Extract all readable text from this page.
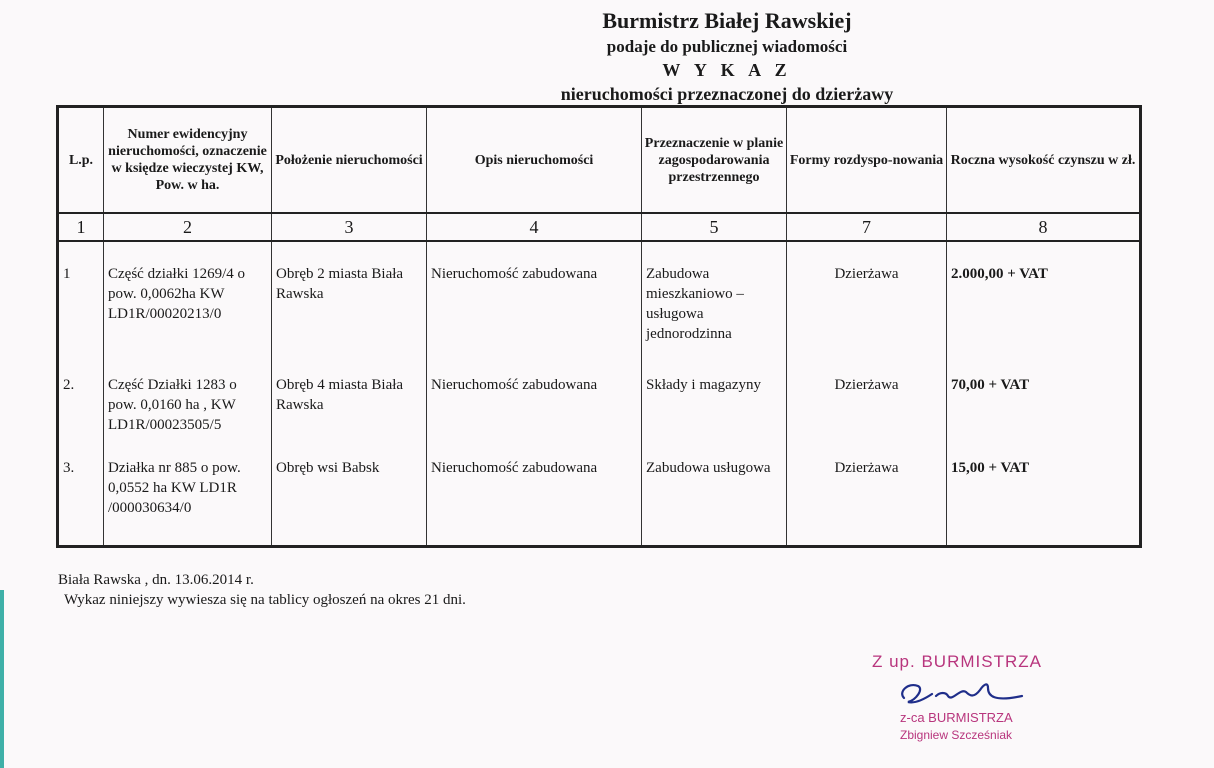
Burmistrz Białej Rawskiej
podaje do publicznej wiadomości
W Y K A Z
nieruchomości przeznaczonej do dzierżawy
L.p.	Numer ewidencyjny nieruchomości, oznaczenie w księdze wieczystej KW, Pow. w ha.	Położenie nieruchomości	Opis nieruchomości	Przeznaczenie w planie zagospodarowania przestrzennego	Formy rozdyspo-nowania	Roczna wysokość czynszu w zł.
1	2	3	4	5	7	8
1	Część działki 1269/4 o pow. 0,0062ha KW LD1R/00020213/0	Obręb 2 miasta Biała Rawska	Nieruchomość zabudowana	Zabudowa mieszkaniowo – usługowa jednorodzinna	Dzierżawa	2.000,00 + VAT
2.	Część Działki 1283 o pow. 0,0160 ha , KW LD1R/00023505/5	Obręb 4 miasta Biała Rawska	Nieruchomość zabudowana	Składy i magazyny	Dzierżawa	70,00 + VAT
3.	Działka nr 885 o pow. 0,0552 ha KW LD1R /000030634/0	Obręb wsi Babsk	Nieruchomość zabudowana	Zabudowa usługowa	Dzierżawa	15,00 + VAT
Biała Rawska , dn. 13.06.2014 r.
Wykaz niniejszy wywiesza się na tablicy ogłoszeń na okres 21 dni.
Z up. BURMISTRZA
z-ca BURMISTRZA
Zbigniew Szcześniak
